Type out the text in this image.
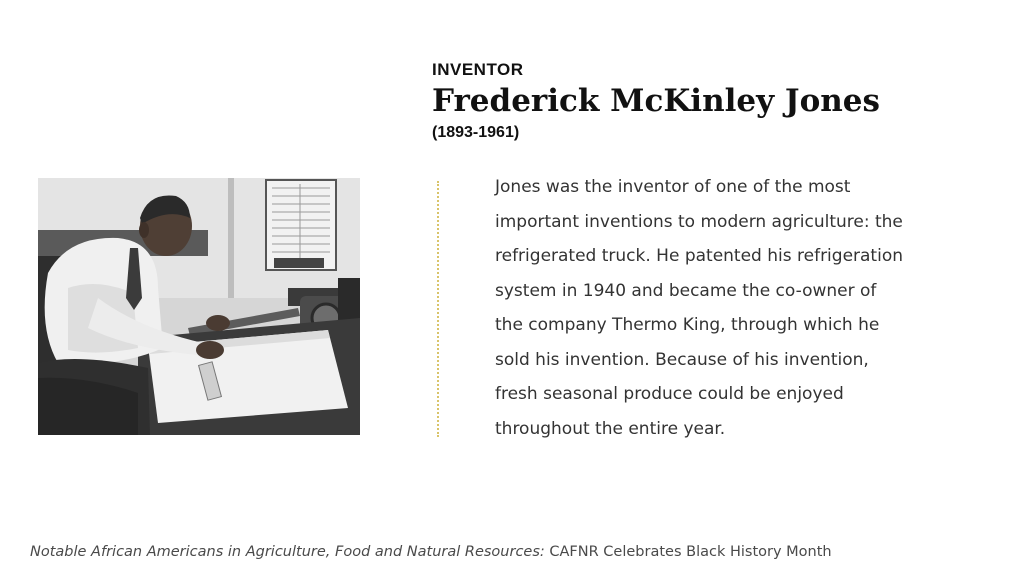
INVENTOR

Frederick McKinley Jones

(1893-1961)

Jones was the inventor of one of the most
important inventions to modern agriculture: the
refrigerated truck. He patented his refrigeration
system in 1940 and became the co-owner of
the company Thermo King, through which he
sold his invention. Because of his invention,
fresh seasonal produce could be enjoyed
throughout the entire year.
Notable African Americans in Agriculture, Food and Natural Resources: CAFNR Celebrates Black History Month
